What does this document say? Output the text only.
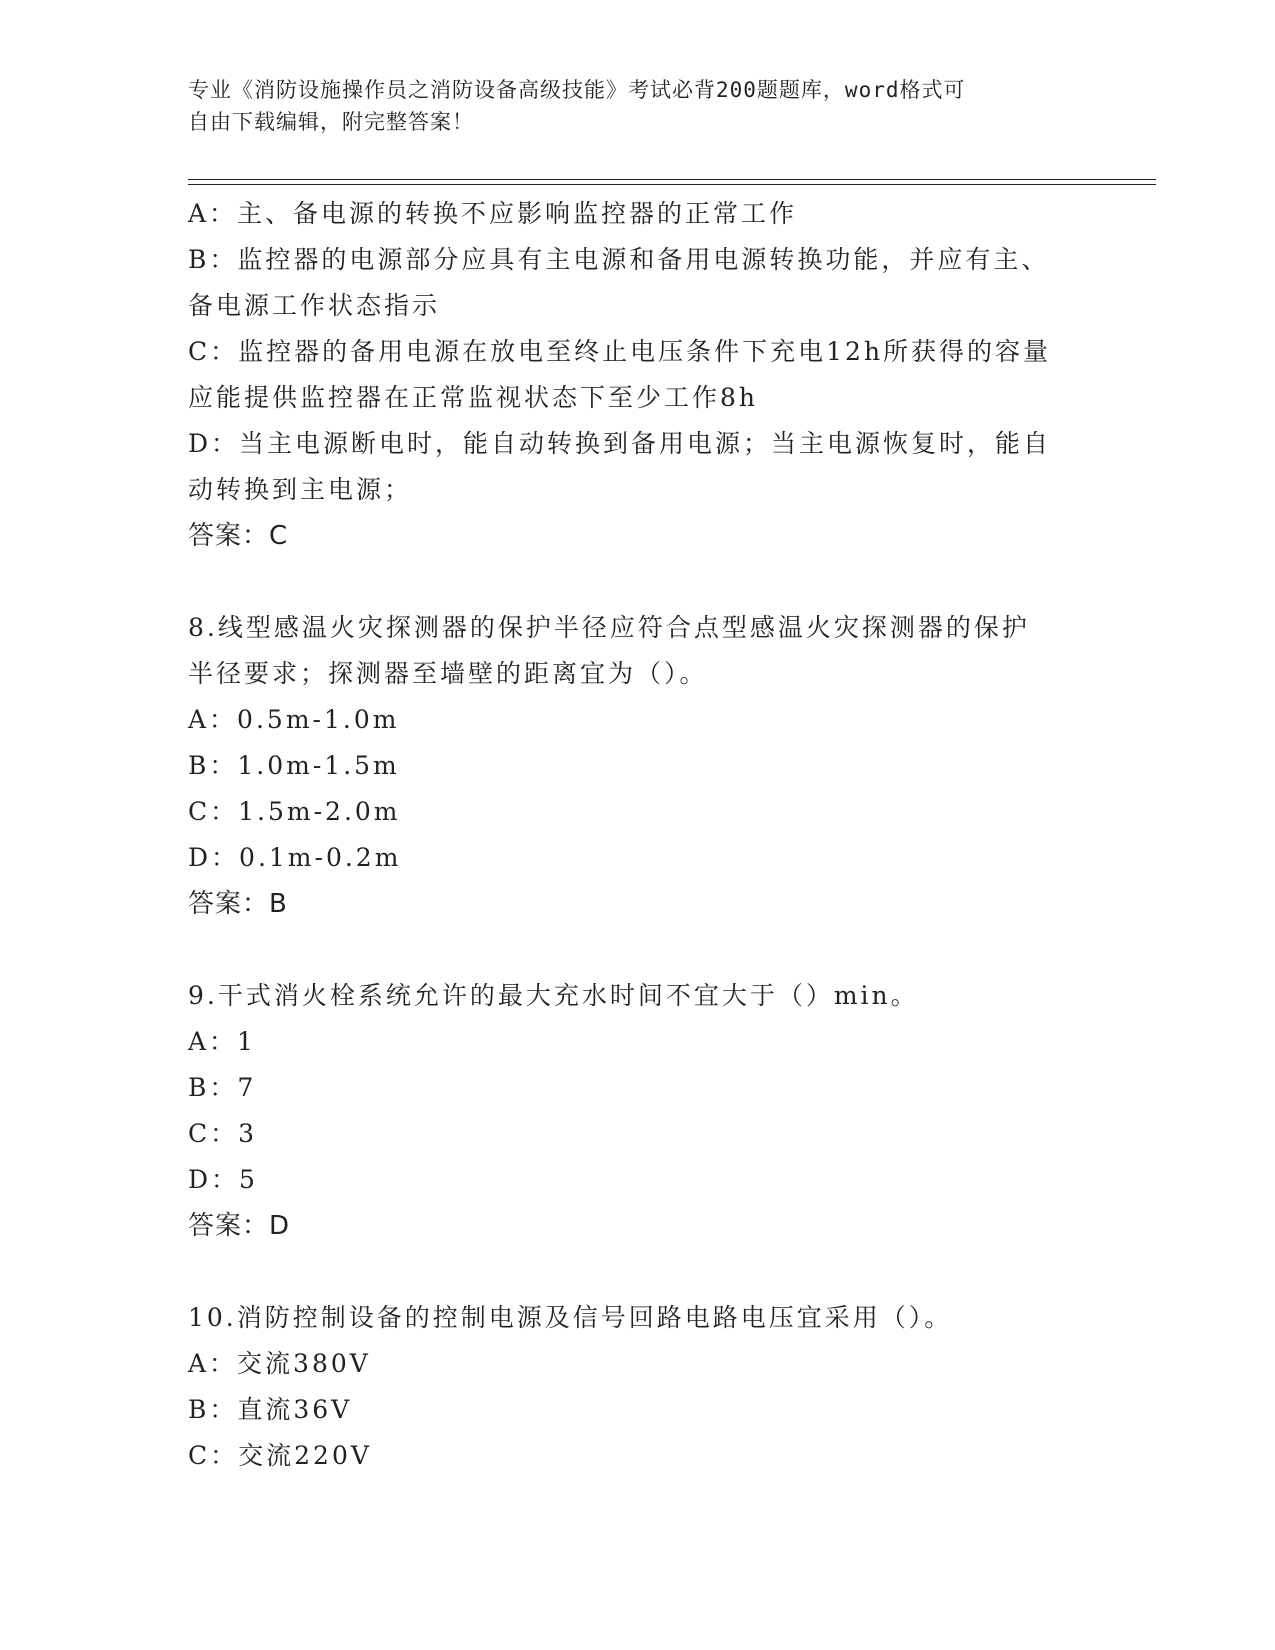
专业《消防设施操作员之消防设备高级技能》考试必背200题题库，word格式可
自由下载编辑，附完整答案！
A：主、备电源的转换不应影响监控器的正常工作
B：监控器的电源部分应具有主电源和备用电源转换功能，并应有主、
备电源工作状态指示
C：监控器的备用电源在放电至终止电压条件下充电12h所获得的容量
应能提供监控器在正常监视状态下至少工作8h
D：当主电源断电时，能自动转换到备用电源；当主电源恢复时，能自
动转换到主电源；
答案：C
8.线型感温火灾探测器的保护半径应符合点型感温火灾探测器的保护
半径要求；探测器至墙壁的距离宜为（）。
A：0.5m-1.0m
B：1.0m-1.5m
C：1.5m-2.0m
D：0.1m-0.2m
答案：B
9.干式消火栓系统允许的最大充水时间不宜大于（）min。
A：1
B：7
C：3
D：5
答案：D
10.消防控制设备的控制电源及信号回路电路电压宜采用（）。
A：交流380V
B：直流36V
C：交流220V
